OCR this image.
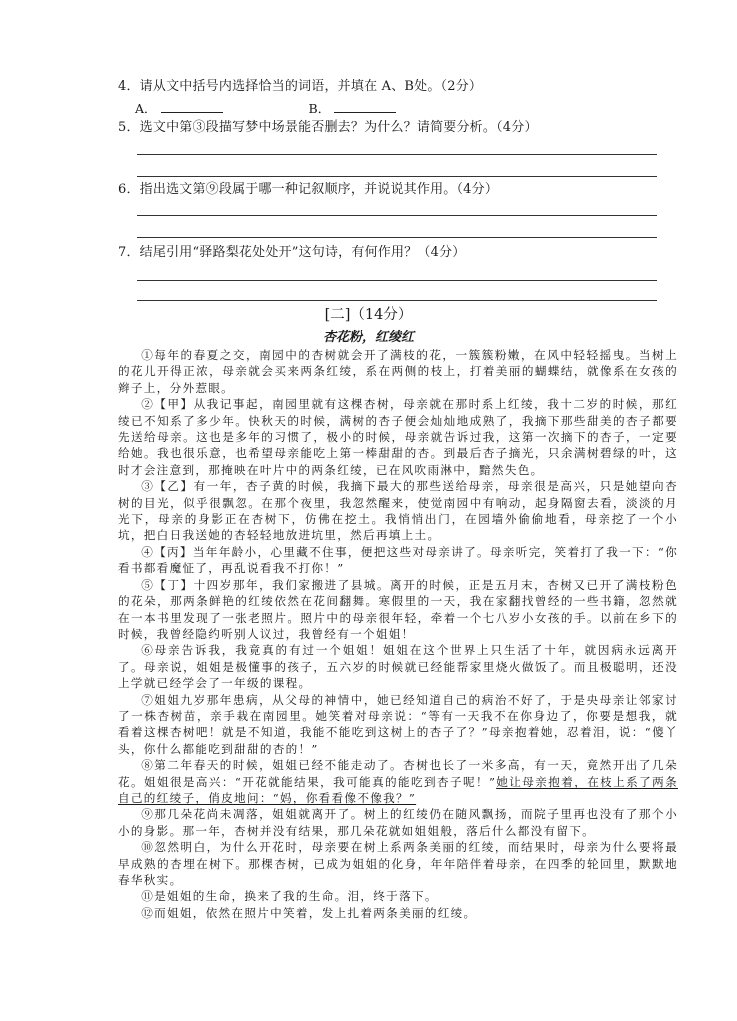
4．请从文中括号内选择恰当的词语，并填在 A、B处。（2分）
A．	B．
5．选文中第③段描写梦中场景能否删去？为什么？请简要分析。（4分）
6．指出选文第⑨段属于哪一种记叙顺序，并说说其作用。（4分）
7．结尾引用“驿路梨花处处开”这句诗，有何作用？（4分）
[二]（14分）
杏花粉，红绫红

①每年的春夏之交，南园中的杏树就会开了满枝的花，一簇簇粉嫩，在风中轻轻摇曳。当树上的花儿开得正浓，母亲就会买来两条红绫，系在两侧的枝上，打着美丽的蝴蝶结，就像系在女孩的辫子上，分外惹眼。

②【甲】从我记事起，南园里就有这棵杏树，母亲就在那时系上红绫，我十二岁的时候，那红绫已不知系了多少年。快秋天的时候，满树的杏子便会灿灿地成熟了，我摘下那些甜美的杏子都要先送给母亲。这也是多年的习惯了，极小的时候，母亲就告诉过我，这第一次摘下的杏子，一定要给她。我也很乐意，也希望母亲能吃上第一棒甜甜的杏。到最后杏子摘光，只余满树碧绿的叶，这时才会注意到，那掩映在叶片中的两条红绫，已在风吹雨淋中，黯然失色。

③【乙】有一年，杏子黄的时候，我摘下最大的那些送给母亲，母亲很是高兴，只是她望向杏树的目光，似乎很飘忽。在那个夜里，我忽然醒来，使觉南园中有响动，起身隔窗去看，淡淡的月光下，母亲的身影正在杏树下，仿佛在挖土。我悄悄出门，在园墙外偷偷地看，母亲挖了一个小坑，把白日我送她的杏轻轻地放进坑里，然后再填上土。

④【丙】当年年龄小，心里藏不住事，便把这些对母亲讲了。母亲听完，笑着打了我一下：“你看书都看魔怔了，再乱说看我不打你！”

⑤【丁】十四岁那年，我们家搬进了县城。离开的时候，正是五月末，杏树又已开了满枝粉色的花朵，那两条鲜艳的红绫依然在花间翻舞。寒假里的一天，我在家翻找曾经的一些书籍，忽然就在一本书里发现了一张老照片。照片中的母亲很年轻，牵着一个七八岁小女孩的手。以前在乡下的时候，我曾经隐约听别人议过，我曾经有一个姐姐！

⑥母亲告诉我，我竟真的有过一个姐姐！姐姐在这个世界上只生活了十年，就因病永远离开了。母亲说，姐姐是极懂事的孩子，五六岁的时候就已经能帮家里烧火做饭了。而且极聪明，还没上学就已经学会了一年级的课程。

⑦姐姐九岁那年患病，从父母的神情中，她已经知道自己的病治不好了，于是央母亲让邻家讨了一株杏树苗，亲手栽在南园里。她笑着对母亲说：“等有一天我不在你身边了，你要是想我，就看着这棵杏树吧！就是不知道，我能不能吃到这树上的杏子了？”母亲抱着她，忍着泪，说：“傻丫头，你什么都能吃到甜甜的杏的！”

⑧第二年春天的时候，姐姐已经不能走动了。杏树也长了一米多高，有一天，竟然开出了几朵花。姐姐很是高兴：“开花就能结果，我可能真的能吃到杏子呢！”她让母亲抱着，在枝上系了两条自己的红绫子，俏皮地问：“妈，你看看像不像我？”

⑨那几朵花尚未凋落，姐姐就离开了。树上的红绫仍在随风飘扬，而院子里再也没有了那个小小的身影。那一年，杏树并没有结果，那几朵花就如姐姐般，落后什么都没有留下。

⑩忽然明白，为什么开花时，母亲要在树上系两条美丽的红绫，而结果时，母亲为什么要将最早成熟的杏埋在树下。那棵杏树，已成为姐姐的化身，年年陪伴着母亲，在四季的轮回里，默默地春华秋实。

⑪是姐姐的生命，换来了我的生命。泪，终于落下。

⑫而姐姐，依然在照片中笑着，发上扎着两条美丽的红绫。
